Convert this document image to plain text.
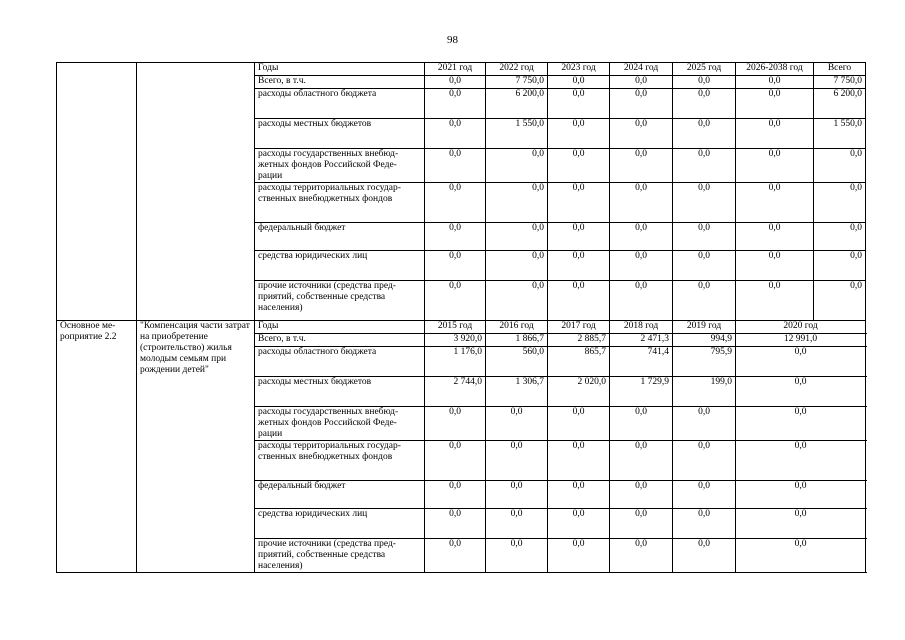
98
		Годы	2021 год	2022 год	2023 год	2024 год	2025 год	2026-2038 год	Всего
		Всего, в т.ч.	0,0	7 750,0	0,0	0,0	0,0	0,0	7 750,0
		расходы областного бюджета	0,0	6 200,0	0,0	0,0	0,0	0,0	6 200,0
		расходы местных бюджетов	0,0	1 550,0	0,0	0,0	0,0	0,0	1 550,0
		расходы государственных внебюд-жетных фондов Российской Феде-рации	0,0	0,0	0,0	0,0	0,0	0,0	0,0
		расходы территориальных государ-ственных внебюджетных фондов	0,0	0,0	0,0	0,0	0,0	0,0	0,0
		федеральный бюджет	0,0	0,0	0,0	0,0	0,0	0,0	0,0
		средства юридических лиц	0,0	0,0	0,0	0,0	0,0	0,0	0,0
		прочие источники (средства пред-приятий, собственные средства населения)	0,0	0,0	0,0	0,0	0,0	0,0	0,0
Основное ме-роприятие 2.2	"Компенсация части затрат на приобретение (строительство) жилья молодым семьям при рождении детей"	Годы	2015 год	2016 год	2017 год	2018 год	2019 год	2020 год	
		Всего, в т.ч.	3 920,0	1 866,7	2 885,7	2 471,3	994,9	12 991,0	
		расходы областного бюджета	1 176,0	560,0	865,7	741,4	795,9	0,0	
		расходы местных бюджетов	2 744,0	1 306,7	2 020,0	1 729,9	199,0	0,0	
		расходы государственных внебюд-жетных фондов Российской Феде-рации	0,0	0,0	0,0	0,0	0,0	0,0	
		расходы территориальных государ-ственных внебюджетных фондов	0,0	0,0	0,0	0,0	0,0	0,0	
		федеральный бюджет	0,0	0,0	0,0	0,0	0,0	0,0	
		средства юридических лиц	0,0	0,0	0,0	0,0	0,0	0,0	
		прочие источники (средства пред-приятий, собственные средства населения)	0,0	0,0	0,0	0,0	0,0	0,0	
